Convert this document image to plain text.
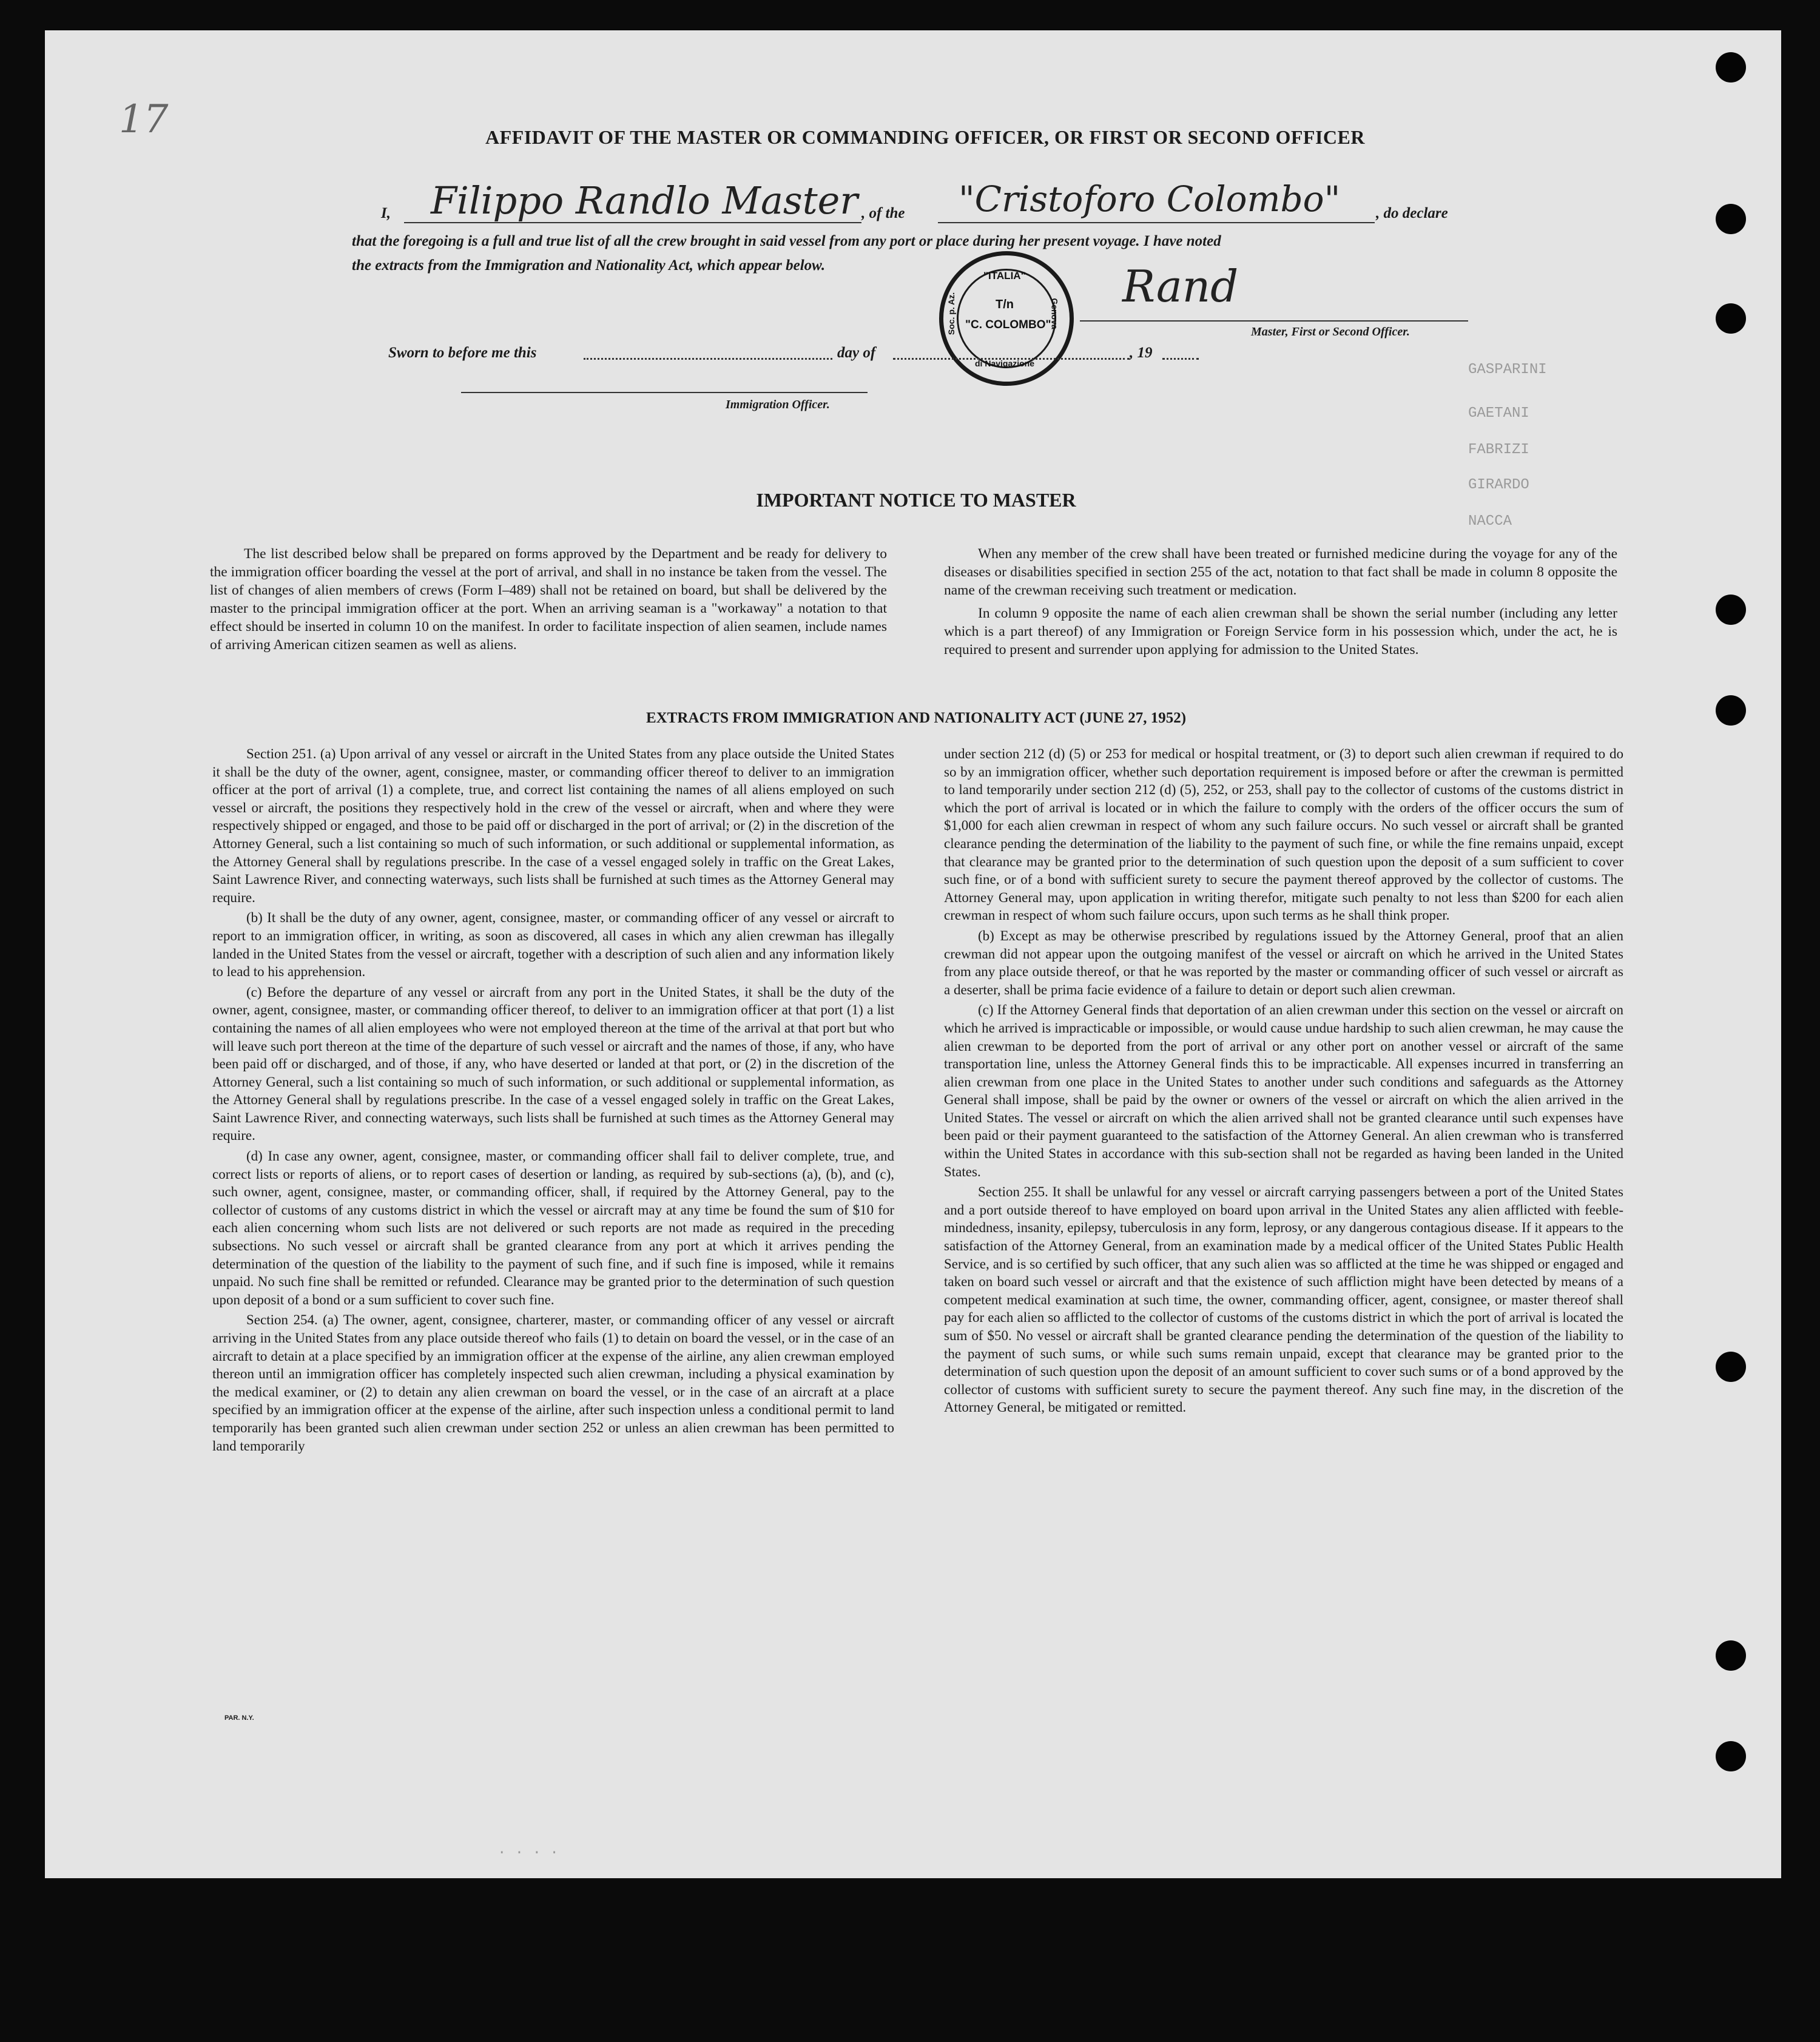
17
GASPARINI
GAETANI
FABRIZI
GIRARDO
NACCA
AFFIDAVIT OF THE MASTER OR COMMANDING OFFICER, OR FIRST OR SECOND OFFICER
I, Filippo Randlo Master , of the "Cristoforo Colombo" , do declare
that the foregoing is a full and true list of all the crew brought in said vessel from any port or place during her present voyage. I have noted
the extracts from the Immigration and Nationality Act, which appear below.
"ITALIA"
T/n
"C. COLOMBO"
Soc. p. Az.
di Navigazione
Genova
Rand
Master, First or Second Officer.
Sworn to before me this	day of	, 19
Immigration Officer.
IMPORTANT NOTICE TO MASTER

The list described below shall be prepared on forms approved by the Department and be ready for delivery to the immigration officer boarding the vessel at the port of arrival, and shall in no instance be taken from the vessel. The list of changes of alien members of crews (Form I–489) shall not be retained on board, but shall be delivered by the master to the principal immigration officer at the port. When an arriving seaman is a "workaway" a notation to that effect should be inserted in column 10 on the manifest. In order to facilitate inspection of alien seamen, include names of arriving American citizen seamen as well as aliens.

When any member of the crew shall have been treated or furnished medicine during the voyage for any of the diseases or disabilities specified in section 255 of the act, notation to that fact shall be made in column 8 opposite the name of the crewman receiving such treatment or medication.

In column 9 opposite the name of each alien crewman shall be shown the serial number (including any letter which is a part thereof) of any Immigration or Foreign Service form in his possession which, under the act, he is required to present and surrender upon applying for admission to the United States.

EXTRACTS FROM IMMIGRATION AND NATIONALITY ACT (JUNE 27, 1952)

Section 251. (a) Upon arrival of any vessel or aircraft in the United States from any place outside the United States it shall be the duty of the owner, agent, consignee, master, or commanding officer thereof to deliver to an immigration officer at the port of arrival (1) a complete, true, and correct list containing the names of all aliens employed on such vessel or aircraft, the positions they respectively hold in the crew of the vessel or aircraft, when and where they were respectively shipped or engaged, and those to be paid off or discharged in the port of arrival; or (2) in the discretion of the Attorney General, such a list containing so much of such information, or such additional or supplemental information, as the Attorney General shall by regulations prescribe. In the case of a vessel engaged solely in traffic on the Great Lakes, Saint Lawrence River, and connecting waterways, such lists shall be furnished at such times as the Attorney General may require.

(b) It shall be the duty of any owner, agent, consignee, master, or commanding officer of any vessel or aircraft to report to an immigration officer, in writing, as soon as discovered, all cases in which any alien crewman has illegally landed in the United States from the vessel or aircraft, together with a description of such alien and any information likely to lead to his apprehension.

(c) Before the departure of any vessel or aircraft from any port in the United States, it shall be the duty of the owner, agent, consignee, master, or commanding officer thereof, to deliver to an immigration officer at that port (1) a list containing the names of all alien employees who were not employed thereon at the time of the arrival at that port but who will leave such port thereon at the time of the departure of such vessel or aircraft and the names of those, if any, who have been paid off or discharged, and of those, if any, who have deserted or landed at that port, or (2) in the discretion of the Attorney General, such a list containing so much of such information, or such additional or supplemental information, as the Attorney General shall by regulations prescribe. In the case of a vessel engaged solely in traffic on the Great Lakes, Saint Lawrence River, and connecting waterways, such lists shall be furnished at such times as the Attorney General may require.

(d) In case any owner, agent, consignee, master, or commanding officer shall fail to deliver complete, true, and correct lists or reports of aliens, or to report cases of desertion or landing, as required by sub-sections (a), (b), and (c), such owner, agent, consignee, master, or commanding officer, shall, if required by the Attorney General, pay to the collector of customs of any customs district in which the vessel or aircraft may at any time be found the sum of $10 for each alien concerning whom such lists are not delivered or such reports are not made as required in the preceding subsections. No such vessel or aircraft shall be granted clearance from any port at which it arrives pending the determination of the question of the liability to the payment of such fine, and if such fine is imposed, while it remains unpaid. No such fine shall be remitted or refunded. Clearance may be granted prior to the determination of such question upon deposit of a bond or a sum sufficient to cover such fine.

Section 254. (a) The owner, agent, consignee, charterer, master, or commanding officer of any vessel or aircraft arriving in the United States from any place outside thereof who fails (1) to detain on board the vessel, or in the case of an aircraft to detain at a place specified by an immigration officer at the expense of the airline, any alien crewman employed thereon until an immigration officer has completely inspected such alien crewman, including a physical examination by the medical examiner, or (2) to detain any alien crewman on board the vessel, or in the case of an aircraft at a place specified by an immigration officer at the expense of the airline, after such inspection unless a conditional permit to land temporarily has been granted such alien crewman under section 252 or unless an alien crewman has been permitted to land temporarily

under section 212 (d) (5) or 253 for medical or hospital treatment, or (3) to deport such alien crewman if required to do so by an immigration officer, whether such deportation requirement is imposed before or after the crewman is permitted to land temporarily under section 212 (d) (5), 252, or 253, shall pay to the collector of customs of the customs district in which the port of arrival is located or in which the failure to comply with the orders of the officer occurs the sum of $1,000 for each alien crewman in respect of whom any such failure occurs. No such vessel or aircraft shall be granted clearance pending the determination of the liability to the payment of such fine, or while the fine remains unpaid, except that clearance may be granted prior to the determination of such question upon the deposit of a sum sufficient to cover such fine, or of a bond with sufficient surety to secure the payment thereof approved by the collector of customs. The Attorney General may, upon application in writing therefor, mitigate such penalty to not less than $200 for each alien crewman in respect of whom such failure occurs, upon such terms as he shall think proper.

(b) Except as may be otherwise prescribed by regulations issued by the Attorney General, proof that an alien crewman did not appear upon the outgoing manifest of the vessel or aircraft on which he arrived in the United States from any place outside thereof, or that he was reported by the master or commanding officer of such vessel or aircraft as a deserter, shall be prima facie evidence of a failure to detain or deport such alien crewman.

(c) If the Attorney General finds that deportation of an alien crewman under this section on the vessel or aircraft on which he arrived is impracticable or impossible, or would cause undue hardship to such alien crewman, he may cause the alien crewman to be deported from the port of arrival or any other port on another vessel or aircraft of the same transportation line, unless the Attorney General finds this to be impracticable. All expenses incurred in transferring an alien crewman from one place in the United States to another under such conditions and safeguards as the Attorney General shall impose, shall be paid by the owner or owners of the vessel or aircraft on which the alien arrived in the United States. The vessel or aircraft on which the alien arrived shall not be granted clearance until such expenses have been paid or their payment guaranteed to the satisfaction of the Attorney General. An alien crewman who is transferred within the United States in accordance with this sub-section shall not be regarded as having been landed in the United States.

Section 255. It shall be unlawful for any vessel or aircraft carrying passengers between a port of the United States and a port outside thereof to have employed on board upon arrival in the United States any alien afflicted with feeble-mindedness, insanity, epilepsy, tuberculosis in any form, leprosy, or any dangerous contagious disease. If it appears to the satisfaction of the Attorney General, from an examination made by a medical officer of the United States Public Health Service, and is so certified by such officer, that any such alien was so afflicted at the time he was shipped or engaged and taken on board such vessel or aircraft and that the existence of such affliction might have been detected by means of a competent medical examination at such time, the owner, commanding officer, agent, consignee, or master thereof shall pay for each alien so afflicted to the collector of customs of the customs district in which the port of arrival is located the sum of $50. No vessel or aircraft shall be granted clearance pending the determination of the question of the liability to the payment of such sums, or while such sums remain unpaid, except that clearance may be granted prior to the determination of such question upon the deposit of an amount sufficient to cover such sums or of a bond approved by the collector of customs with sufficient surety to secure the payment thereof. Any such fine may, in the discretion of the Attorney General, be mitigated or remitted.

PAR. N.Y.
. . . .
